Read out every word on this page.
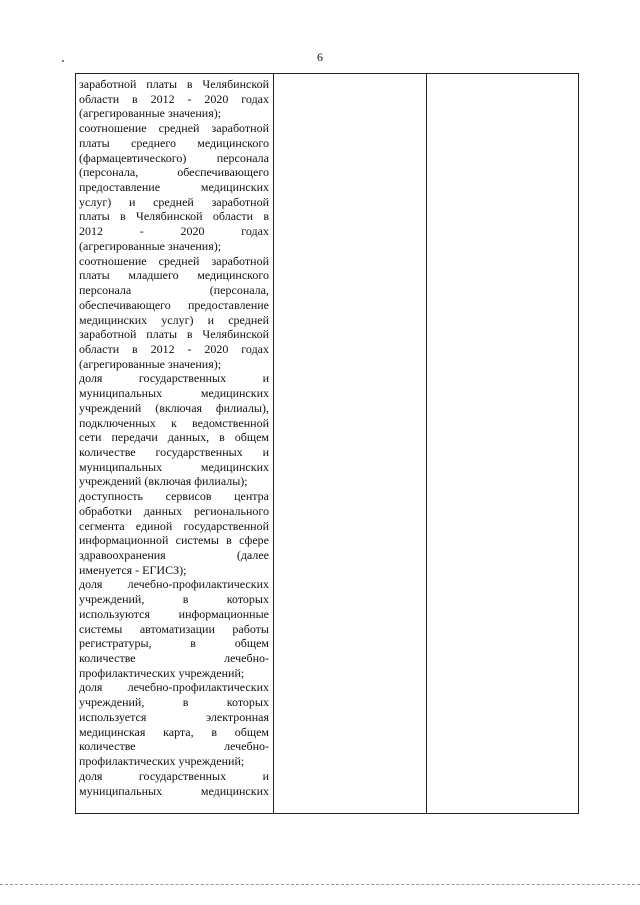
6
заработной платы в Челябинской
области в 2012 - 2020 годах
(агрегированные значения);
соотношение средней заработной
платы среднего медицинского
(фармацевтического) персонала
(персонала, обеспечивающего
предоставление медицинских
услуг) и средней заработной
платы в Челябинской области в
2012 - 2020 годах
(агрегированные значения);
соотношение средней заработной
платы младшего медицинского
персонала (персонала,
обеспечивающего предоставление
медицинских услуг) и средней
заработной платы в Челябинской
области в 2012 - 2020 годах
(агрегированные значения);
доля государственных и
муниципальных медицинских
учреждений (включая филиалы),
подключенных к ведомственной
сети передачи данных, в общем
количестве государственных и
муниципальных медицинских
учреждений (включая филиалы);
доступность сервисов центра
обработки данных регионального
сегмента единой государственной
информационной системы в сфере
здравоохранения (далее
именуется - ЕГИСЗ);
доля лечебно-профилактических
учреждений, в которых
используются информационные
системы автоматизации работы
регистратуры, в общем
количестве лечебно-
профилактических учреждений;
доля лечебно-профилактических
учреждений, в которых
используется электронная
медицинская карта, в общем
количестве лечебно-
профилактических учреждений;
доля государственных и
муниципальных медицинских
